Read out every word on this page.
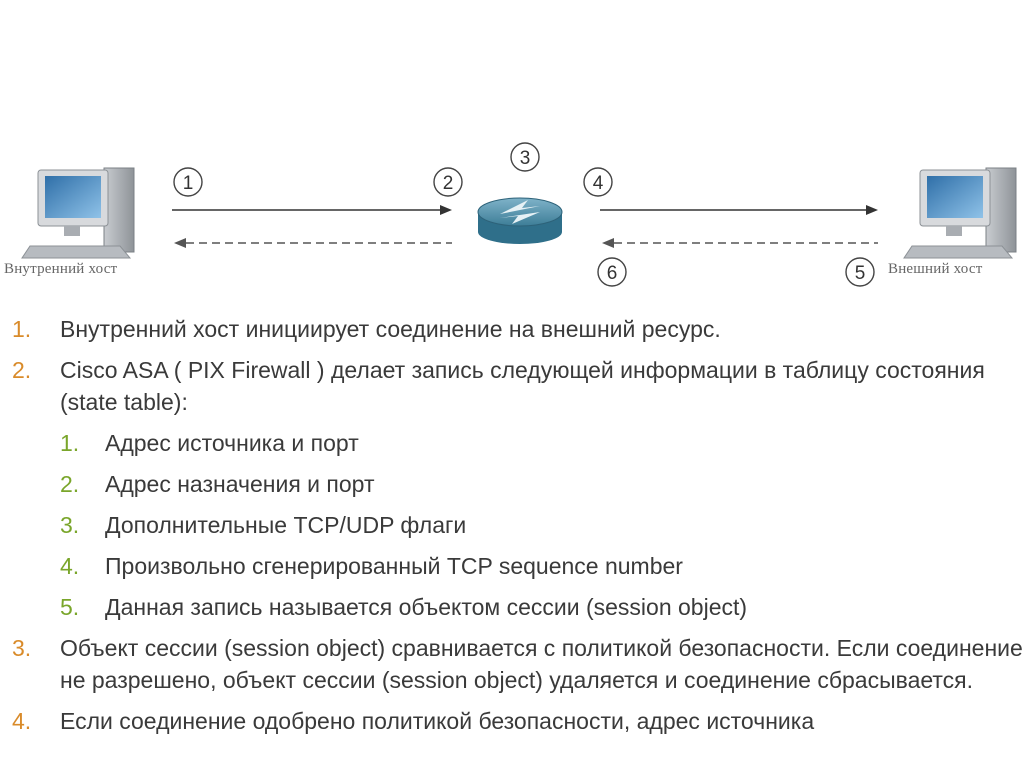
1	2
3
4
5
6
Внутренний хост	Внешний хост
1. Внутренний хост инициирует соединение на внешний ресурс.
2. Cisco ASA ( PIX Firewall ) делает запись следующей информации в таблицу состояния (state table):
1. Адрес источника и порт
2. Адрес назначения и порт
3. Дополнительные TCP/UDP флаги
4. Произвольно сгенерированный TCP sequence number
5. Данная запись называется объектом сессии (session object)
3. Объект сессии (session object) сравнивается с политикой безопасности. Если соединение не разрешено, объект сессии (session object) удаляется и соединение сбрасывается.
4. Если соединение одобрено политикой безопасности, адрес источника
